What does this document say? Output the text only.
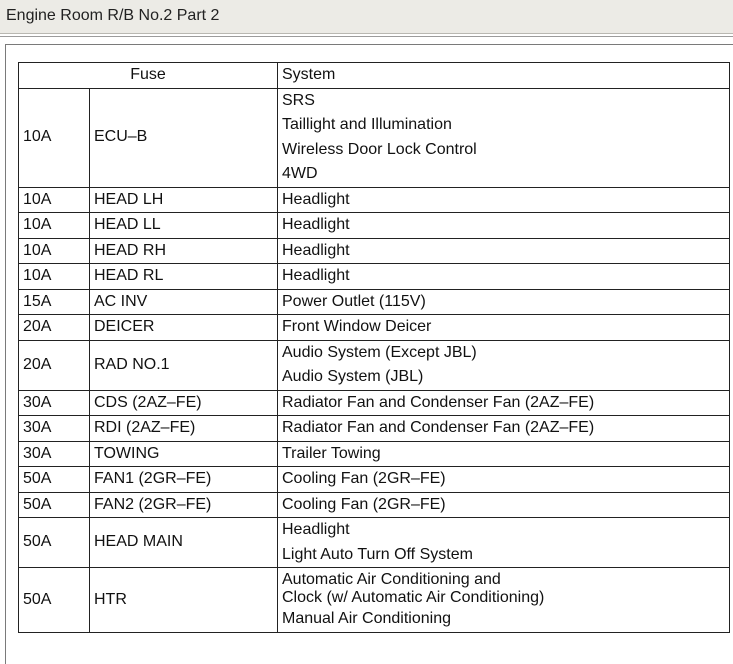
Engine Room R/B No.2 Part 2
Fuse		System
10A	ECU–B	SRS
Taillight and Illumination
Wireless Door Lock Control
4WD

10A	HEAD LH	Headlight

10A	HEAD LL	Headlight

10A	HEAD RH	Headlight

10A	HEAD RL	Headlight

15A	AC INV	Power Outlet (115V)

20A	DEICER	Front Window Deicer

20A	RAD NO.1	Audio System (Except JBL)
Audio System (JBL)

30A	CDS (2AZ–FE)	Radiator Fan and Condenser Fan (2AZ–FE)

30A	RDI (2AZ–FE)	Radiator Fan and Condenser Fan (2AZ–FE)

30A	TOWING	Trailer Towing

50A	FAN1 (2GR–FE)	Cooling Fan (2GR–FE)

50A	FAN2 (2GR–FE)	Cooling Fan (2GR–FE)

50A	HEAD MAIN	Headlight
Light Auto Turn Off System

50A	HTR	Automatic Air Conditioning and
Clock (w/ Automatic Air Conditioning)
Manual Air Conditioning
